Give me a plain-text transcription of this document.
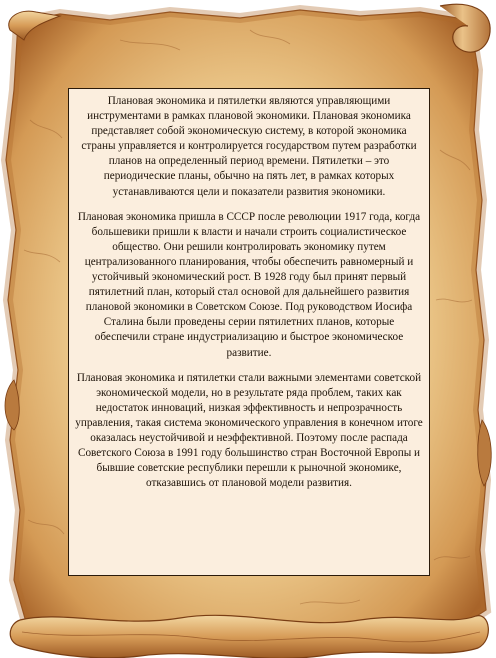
Плановая экономика и пятилетки являются управляющими инструментами в рамках плановой экономики. Плановая экономика представляет собой экономическую систему, в которой экономика страны управляется и контролируется государством путем разработки планов на определенный период времени. Пятилетки – это периодические планы, обычно на пять лет, в рамках которых устанавливаются цели и показатели развития экономики.

Плановая экономика пришла в СССР после революции 1917 года, когда большевики пришли к власти и начали строить социалистическое общество. Они решили контролировать экономику путем централизованного планирования, чтобы обеспечить равномерный и устойчивый экономический рост. В 1928 году был принят первый пятилетний план, который стал основой для дальнейшего развития плановой экономики в Советском Союзе. Под руководством Иосифа Сталина были проведены серии пятилетних планов, которые обеспечили стране индустриализацию и быстрое экономическое развитие.

Плановая экономика и пятилетки стали важными элементами советской экономической модели, но в результате ряда проблем, таких как недостаток инноваций, низкая эффективность и непрозрачность управления, такая система экономического управления в конечном итоге оказалась неустойчивой и неэффективной. Поэтому после распада Советского Союза в 1991 году большинство стран Восточной Европы и бывшие советские республики перешли к рыночной экономике, отказавшись от плановой модели развития.
